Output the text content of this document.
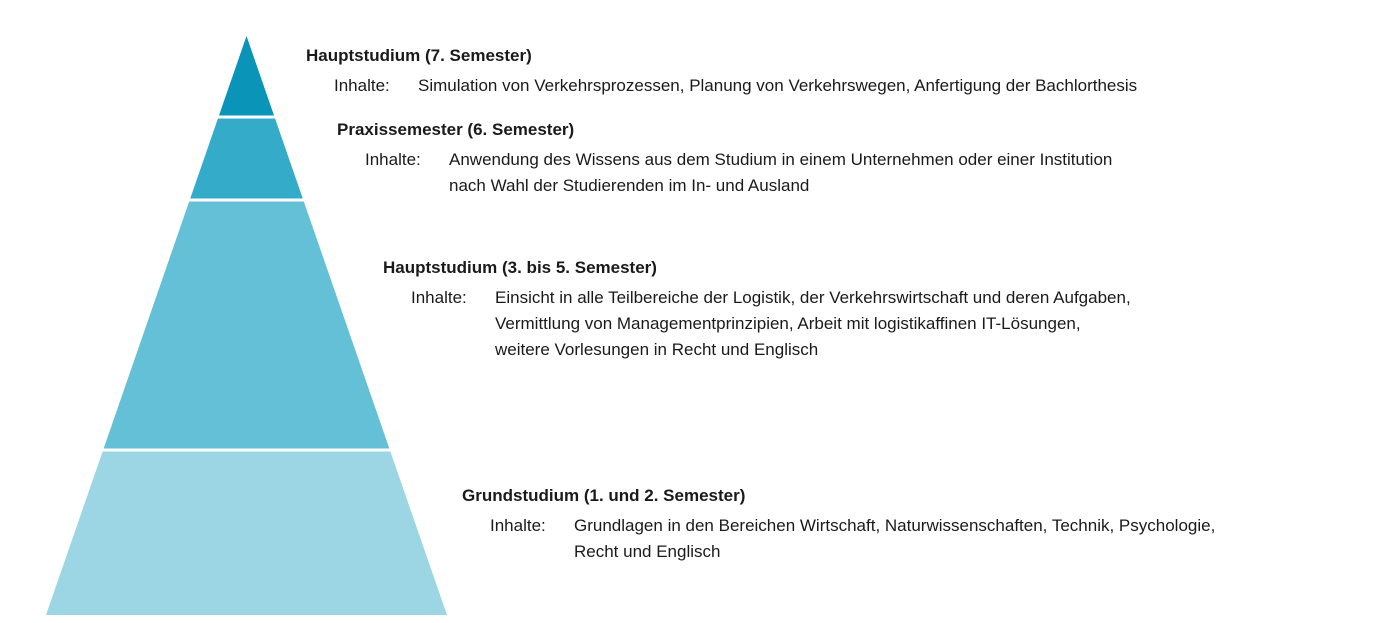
Hauptstudium (7. Semester)
Inhalte:	Simulation von Verkehrsprozessen, Planung von Verkehrswegen, Anfertigung der Bachlorthesis
Praxissemester (6. Semester)
Inhalte:	Anwendung des Wissens aus dem Studium in einem Unternehmen oder einer Institution
nach Wahl der Studierenden im In- und Ausland
Hauptstudium (3. bis 5. Semester)
Inhalte:	Einsicht in alle Teilbereiche der Logistik, der Verkehrswirtschaft und deren Aufgaben,
Vermittlung von Managementprinzipien, Arbeit mit logistikaffinen IT-Lösungen,
weitere Vorlesungen in Recht und Englisch
Grundstudium (1. und 2. Semester)
Inhalte:	Grundlagen in den Bereichen Wirtschaft, Naturwissenschaften, Technik, Psychologie,
Recht und Englisch
